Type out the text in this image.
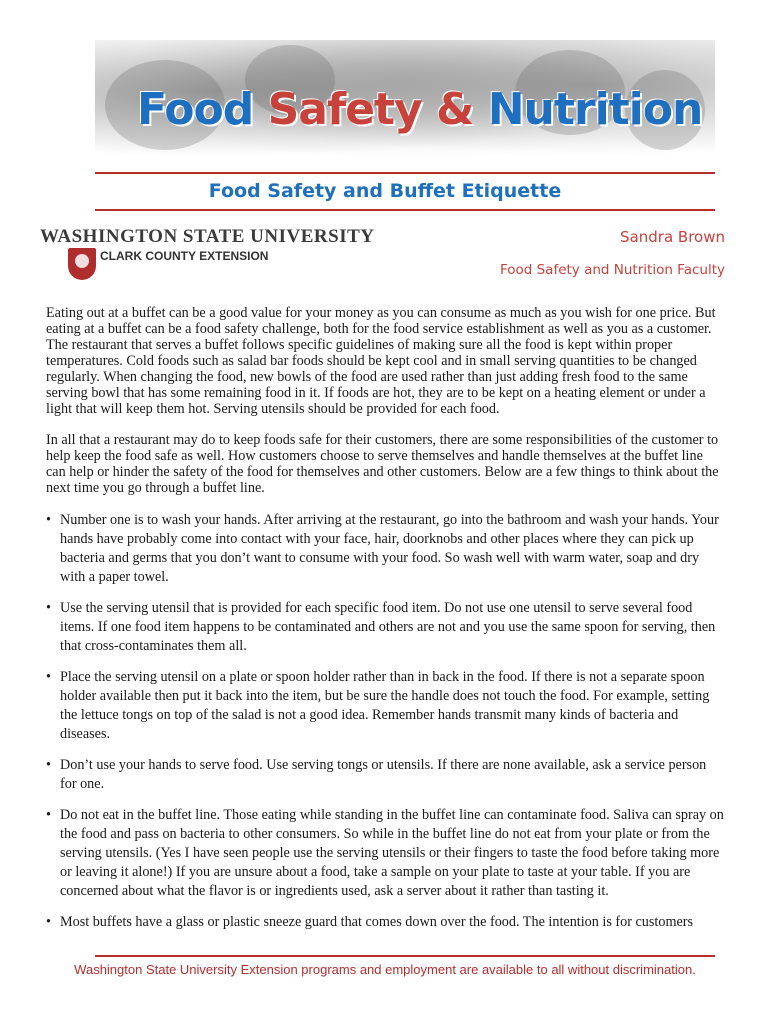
Food Safety & Nutrition
Food Safety and Buffet Etiquette
WASHINGTON STATE UNIVERSITY
CLARK COUNTY EXTENSION
Sandra Brown
Food Safety and Nutrition Faculty

Eating out at a buffet can be a good value for your money as you can consume as much as you wish for one price. But eating at a buffet can be a food safety challenge, both for the food service establishment as well as you as a customer. The restaurant that serves a buffet follows specific guidelines of making sure all the food is kept within proper temperatures. Cold foods such as salad bar foods should be kept cool and in small serving quantities to be changed regularly. When changing the food, new bowls of the food are used rather than just adding fresh food to the same serving bowl that has some remaining food in it. If foods are hot, they are to be kept on a heating element or under a light that will keep them hot. Serving utensils should be provided for each food.

In all that a restaurant may do to keep foods safe for their customers, there are some responsibilities of the customer to help keep the food safe as well. How customers choose to serve themselves and handle themselves at the buffet line can help or hinder the safety of the food for themselves and other customers. Below are a few things to think about the next time you go through a buffet line.

• Number one is to wash your hands. After arriving at the restaurant, go into the bathroom and wash your hands. Your hands have probably come into contact with your face, hair, doorknobs and other places where they can pick up bacteria and germs that you don’t want to consume with your food. So wash well with warm water, soap and dry with a paper towel.
• Use the serving utensil that is provided for each specific food item. Do not use one utensil to serve several food items. If one food item happens to be contaminated and others are not and you use the same spoon for serving, then that cross-contaminates them all.
• Place the serving utensil on a plate or spoon holder rather than in back in the food. If there is not a separate spoon holder available then put it back into the item, but be sure the handle does not touch the food. For example, setting the lettuce tongs on top of the salad is not a good idea. Remember hands transmit many kinds of bacteria and diseases.
• Don’t use your hands to serve food. Use serving tongs or utensils. If there are none available, ask a service person for one.
• Do not eat in the buffet line. Those eating while standing in the buffet line can contaminate food. Saliva can spray on the food and pass on bacteria to other consumers. So while in the buffet line do not eat from your plate or from the serving utensils. (Yes I have seen people use the serving utensils or their fingers to taste the food before taking more or leaving it alone!) If you are unsure about a food, take a sample on your plate to taste at your table. If you are concerned about what the flavor is or ingredients used, ask a server about it rather than tasting it.
• Most buffets have a glass or plastic sneeze guard that comes down over the food. The intention is for customers
Washington State University Extension programs and employment are available to all without discrimination.
